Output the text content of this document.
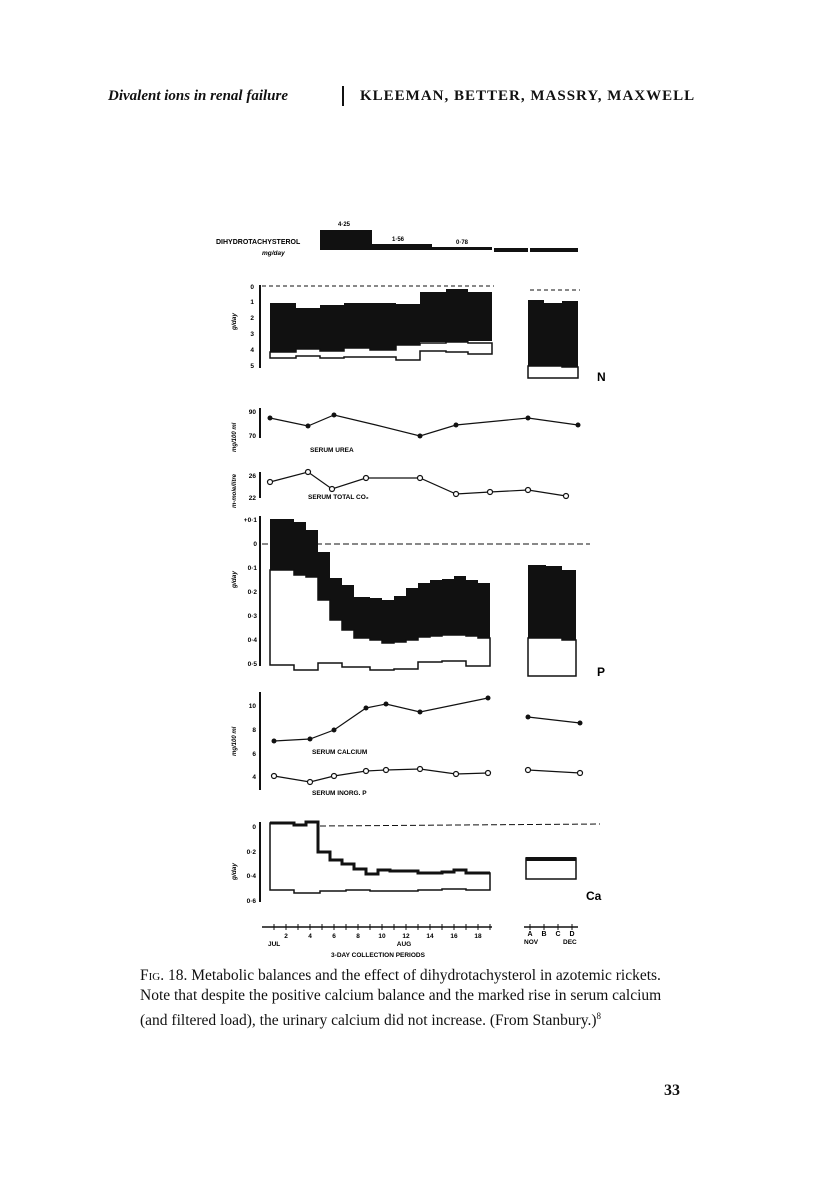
Divalent ions in renal failure	KLEEMAN, BETTER, MASSRY, MAXWELL
DIHYDROTACHYSTEROL
mg/day
4·25
1·56	0·78
0
1
2
3
4
5
g/day
N
90
70
mg/100 ml	SERUM UREA
26
22
m-mole/litre	SERUM TOTAL CO₂
+0·1
0
0·1
0·2
0·3
0·4
0·5
g/day
P
10
8
6
4
mg/100 ml	SERUM CALCIUM
SERUM INORG. P
0
0·2
0·4
0·6
g/day
Ca
2	4	6	8	10	12	14	16	18	A B C D
JUL	AUG	NOV	DEC
3-DAY COLLECTION PERIODS
Fig. 18. Metabolic balances and the effect of dihydrotachysterol in azotemic rickets. Note that despite the positive calcium balance and the marked rise in serum calcium (and filtered load), the urinary calcium did not increase. (From Stanbury.)$^8$
33
